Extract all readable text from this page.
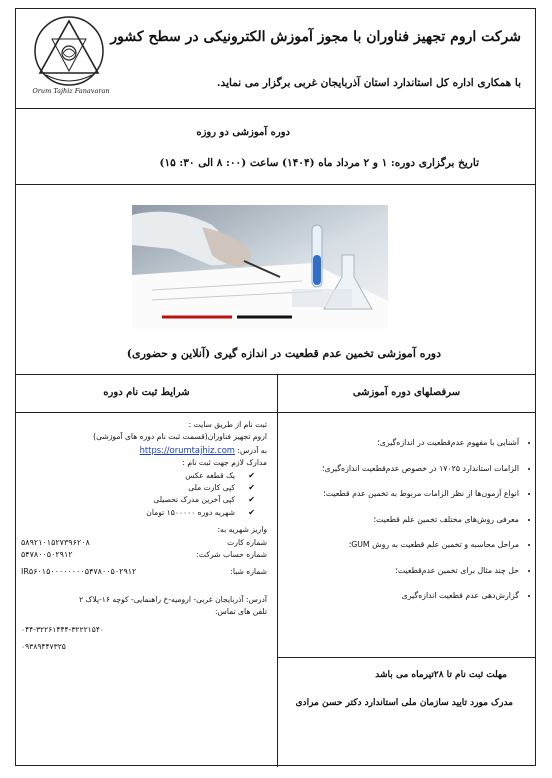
Orum Tajhiz Fanavaran
شرکت اروم تجهیز فناوران با مجوز آموزش الکترونیکی در سطح کشور
با همکاری اداره کل استاندارد استان آذربایجان غربی برگزار می نماید.
دوره آموزشی دو روزه
تاریخ برگزاری دوره: ۱ و ۲ مرداد ماه (۱۴۰۴) ساعت (۰۰: ۸ الی ۳۰: ۱۵)
دوره آموزشی تخمین عدم قطعیت در اندازه گیری (آنلاین و حضوری)
شرایط ثبت نام دوره
ثبت نام از طریق سایت :
اروم تجهیز فناوران(قسمت ثبت نام دوره های آموزشی)
به آدرس: https://orumtajhiz.com
مدارک لازم جهت ثبت نام :
✔یک قطعه عکس
✔کپی کارت ملی
✔کپی آخرین مدرک تحصیلی
✔شهریه دوره ۱۵۰۰۰۰۰ تومان
واریز شهریه به:
شماره کارت
۵۸۹۲۱۰۱۵۲۷۳۹۶۲۰۸
شماره حساب شرکت:
۵۴۷۸۰۰۵۰۲۹۱۲
شماره شبا:
IR۵۶۰۱۵۰۰۰۰۰۰۰۰۵۴۷۸۰۰۵۰۲۹۱۲
آدرس: آذربایجان غربی- ارومیه-خ راهنمایی- کوچه ۱۶-پلاک ۲
تلفن های تماس:
۰۴۴-۳۲۲۶۱۴۴۴-۳۲۲۲۱۵۴۰
۰۹۳۸۹۴۴۷۳۲۵
سرفصلهای دوره آموزشی
• آشنایی با مفهوم عدم‌قطعیت در اندازه‌گیری؛
• الزامات استاندارد ۱۷۰۲۵ در خصوص عدم‌قطعیت اندازه‌گیری؛
• انواع آزمون‌ها از نظر الزامات مربوط به تخمین عدم قطعیت؛
• معرفی روش‌های مختلف تخمین علم قطعیت؛
• مراحل محاسبه و تخمین علم قطعیت به روش GUM؛
• حل چند مثال برای تخمین عدم‌قطعیت؛
• گزارش‌دهی عدم قطعیت اندازه‌گیری
مهلت ثبت نام تا ۲۸تیرماه می باشد
مدرک مورد تایید سازمان ملی استاندارد دکتر حسن مرادی
